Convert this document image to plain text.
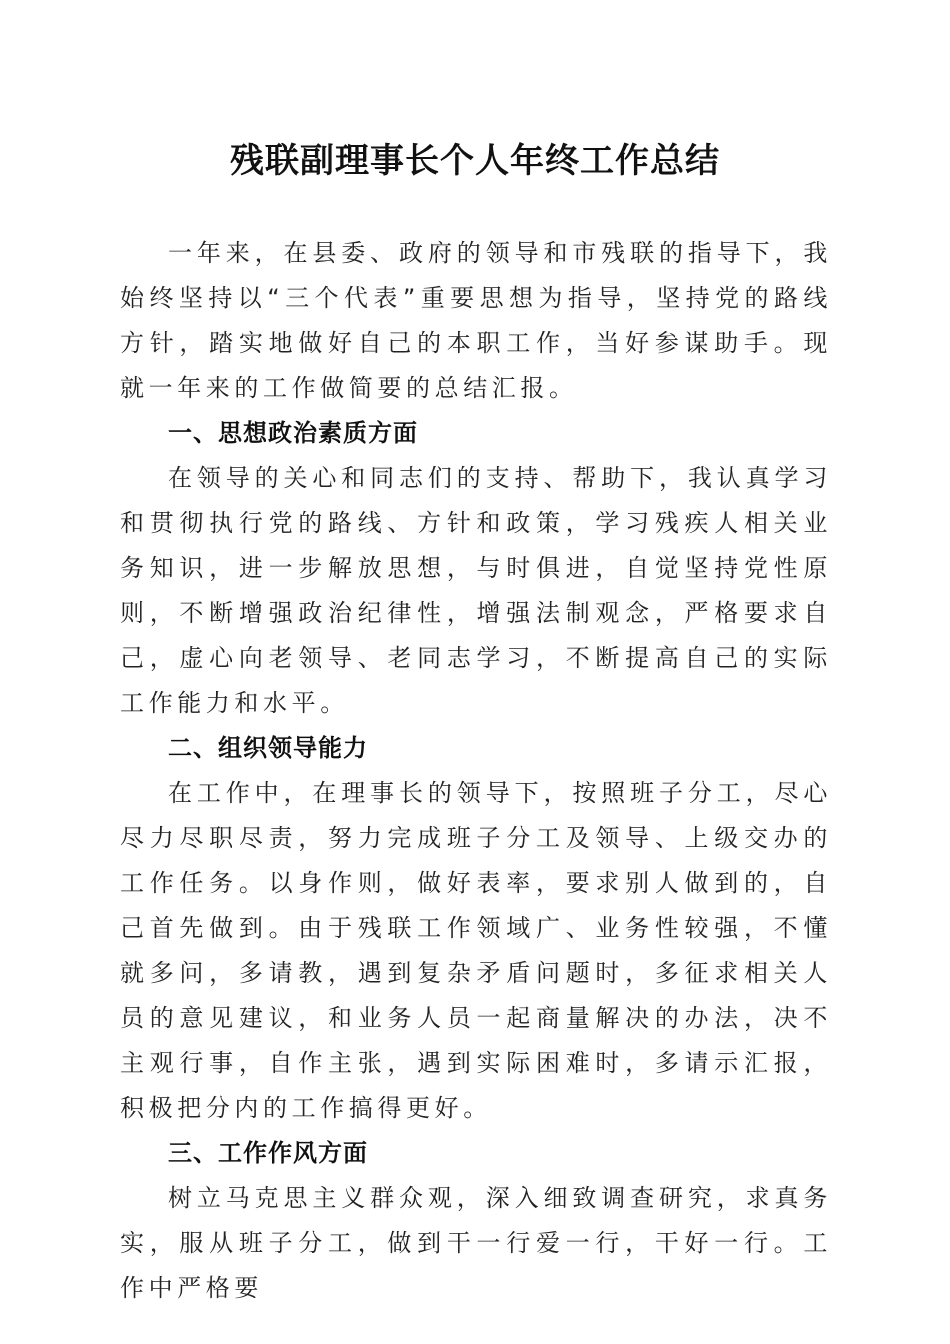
残联副理事长个人年终工作总结

一年来，在县委、政府的领导和市残联的指导下，我始终坚持以“三个代表”重要思想为指导，坚持党的路线方针，踏实地做好自己的本职工作，当好参谋助手。现就一年来的工作做简要的总结汇报。

一、思想政治素质方面

在领导的关心和同志们的支持、帮助下，我认真学习和贯彻执行党的路线、方针和政策，学习残疾人相关业务知识，进一步解放思想，与时俱进，自觉坚持党性原则，不断增强政治纪律性，增强法制观念，严格要求自己，虚心向老领导、老同志学习，不断提高自己的实际工作能力和水平。

二、组织领导能力

在工作中，在理事长的领导下，按照班子分工，尽心尽力尽职尽责，努力完成班子分工及领导、上级交办的工作任务。以身作则，做好表率，要求别人做到的，自己首先做到。由于残联工作领域广、业务性较强，不懂就多问，多请教，遇到复杂矛盾问题时，多征求相关人员的意见建议，和业务人员一起商量解决的办法，决不主观行事，自作主张，遇到实际困难时，多请示汇报，积极把分内的工作搞得更好。

三、工作作风方面

树立马克思主义群众观，深入细致调查研究，求真务实，服从班子分工，做到干一行爱一行，干好一行。工作中严格要
